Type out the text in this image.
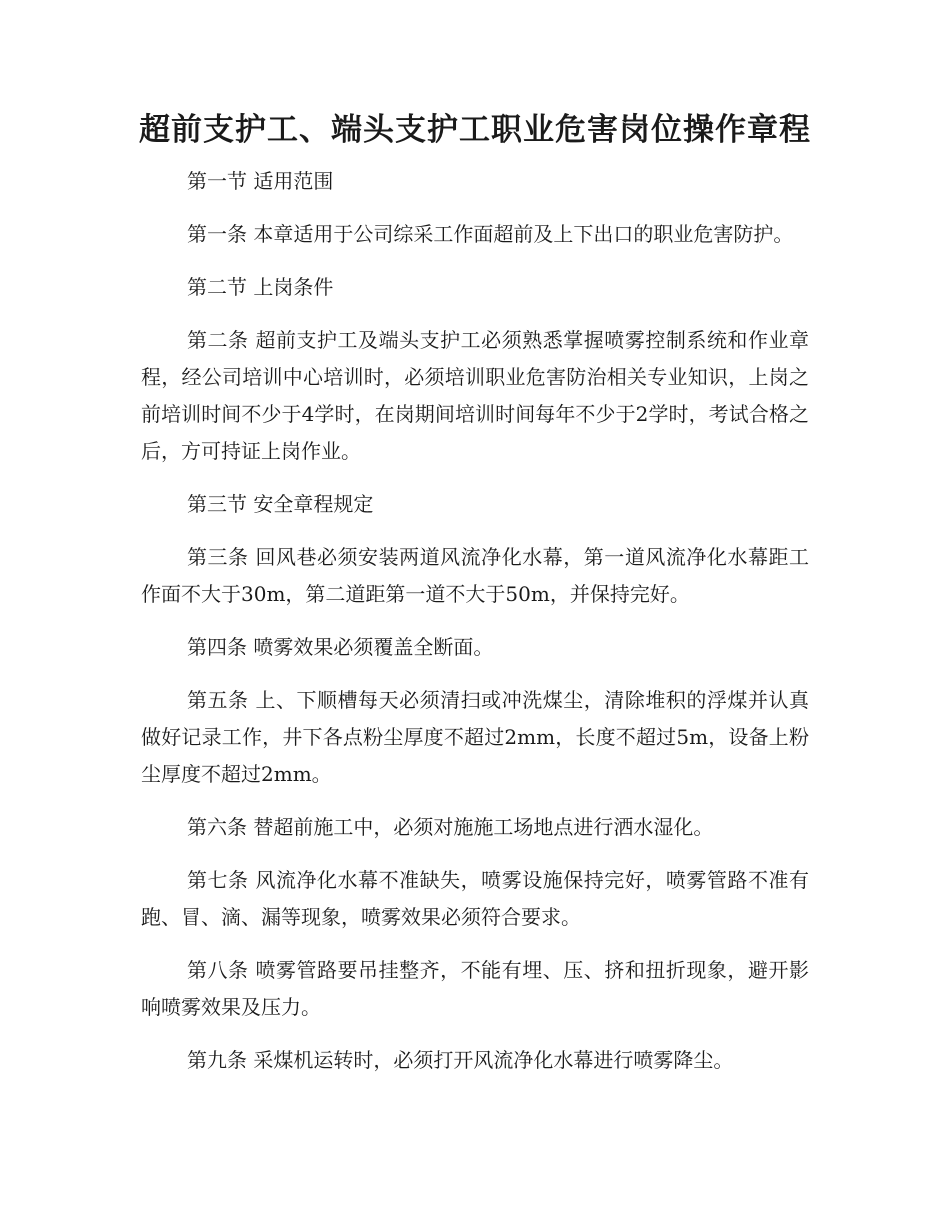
超前支护工、端头支护工职业危害岗位操作章程

第一节 适用范围

第一条 本章适用于公司综采工作面超前及上下出口的职业危害防护。

第二节 上岗条件

第二条 超前支护工及端头支护工必须熟悉掌握喷雾控制系统和作业章程，经公司培训中心培训时，必须培训职业危害防治相关专业知识，上岗之前培训时间不少于4学时，在岗期间培训时间每年不少于2学时，考试合格之后，方可持证上岗作业。

第三节 安全章程规定

第三条 回风巷必须安装两道风流净化水幕，第一道风流净化水幕距工作面不大于30m，第二道距第一道不大于50m，并保持完好。

第四条 喷雾效果必须覆盖全断面。

第五条 上、下顺槽每天必须清扫或冲洗煤尘，清除堆积的浮煤并认真做好记录工作，井下各点粉尘厚度不超过2mm，长度不超过5m，设备上粉尘厚度不超过2mm。

第六条 替超前施工中，必须对施施工场地点进行洒水湿化。

第七条 风流净化水幕不准缺失，喷雾设施保持完好，喷雾管路不准有跑、冒、滴、漏等现象，喷雾效果必须符合要求。

第八条 喷雾管路要吊挂整齐，不能有埋、压、挤和扭折现象，避开影响喷雾效果及压力。

第九条 采煤机运转时，必须打开风流净化水幕进行喷雾降尘。
